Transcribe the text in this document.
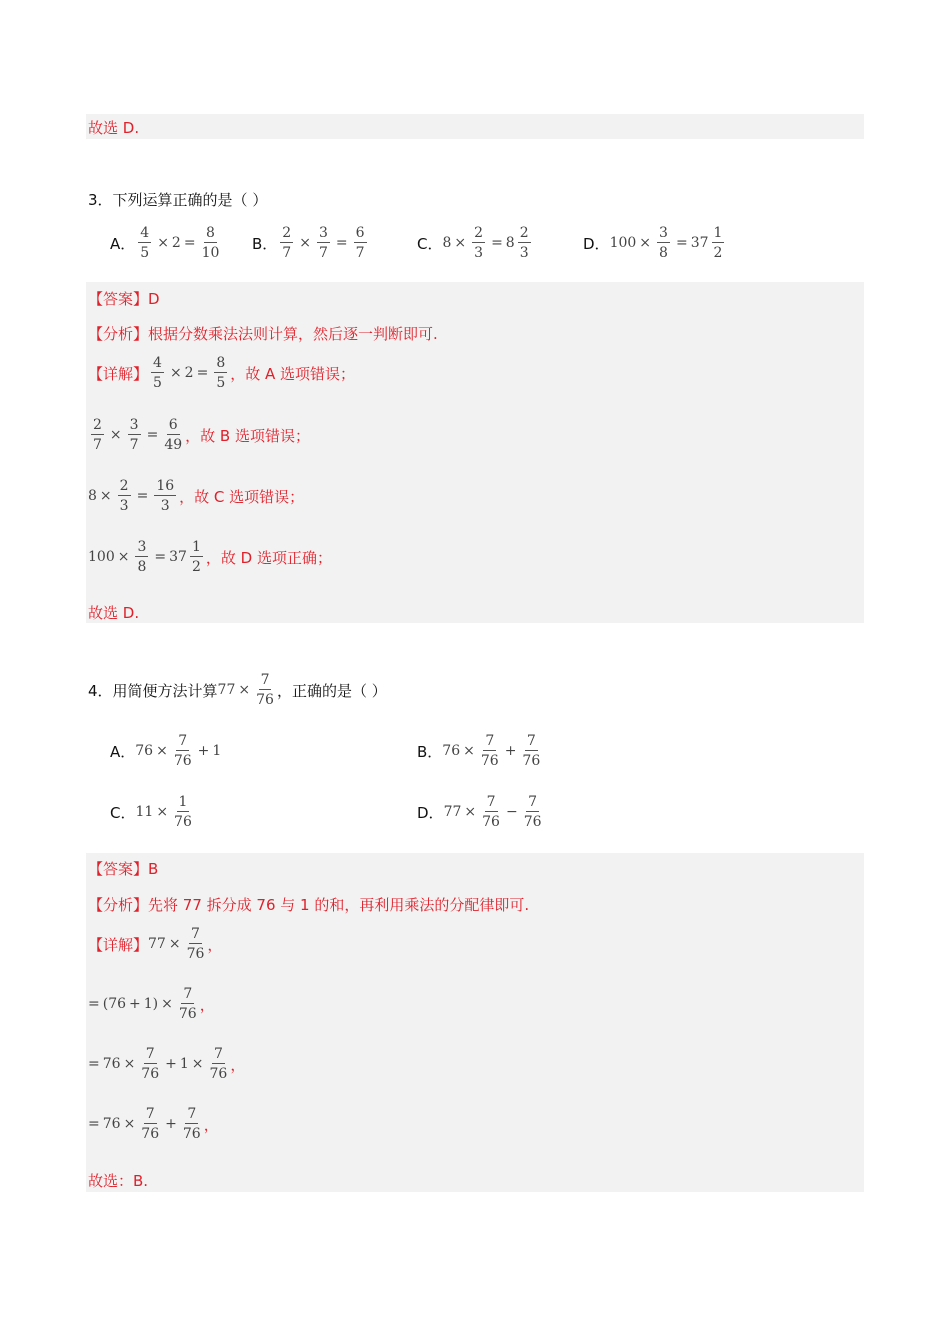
故选 D.
3．下列运算正确的是（ ）
A． $\frac{4}{5} \times 2 = \frac{8}{10}$ B． $\frac{2}{7} \times \frac{3}{7} = \frac{6}{7}$	C． $8 \times \frac{2}{3} = 8 \frac{2}{3}$	D． $100 \times \frac{3}{8} = 37 \frac{1}{2}$
【答案】D
【分析】根据分数乘法法则计算，然后逐一判断即可.
【详解】 $\frac{4}{5} \times 2 = \frac{8}{5}$ ，故 A 选项错误；
$\frac{2}{7} \times \frac{3}{7} = \frac{6}{49}$ ，故 B 选项错误；
$8 \times \frac{2}{3} = \frac{16}{3}$ ，故 C 选项错误；
$100 \times \frac{3}{8} = 37 \frac{1}{2}$ ，故 D 选项正确；
故选 D.
4．用简便方法计算 $77 \times \frac{7}{76}$ ，正确的是（ ）
A． $76 \times \frac{7}{76} + 1$	B． $76 \times \frac{7}{76} + \frac{7}{76}$
C． $11 \times \frac{1}{76}$	D． $77 \times \frac{7}{76} - \frac{7}{76}$
【答案】B
【分析】先将 77 拆分成 76 与 1 的和，再利用乘法的分配律即可.
【详解】 $77 \times \frac{7}{76}$ ，
= $(76 + 1) \times \frac{7}{76}$ ，
= $76 \times \frac{7}{76} + 1 \times \frac{7}{76}$ ，
= $76 \times \frac{7}{76} + \frac{7}{76}$ ，
故选：B.
